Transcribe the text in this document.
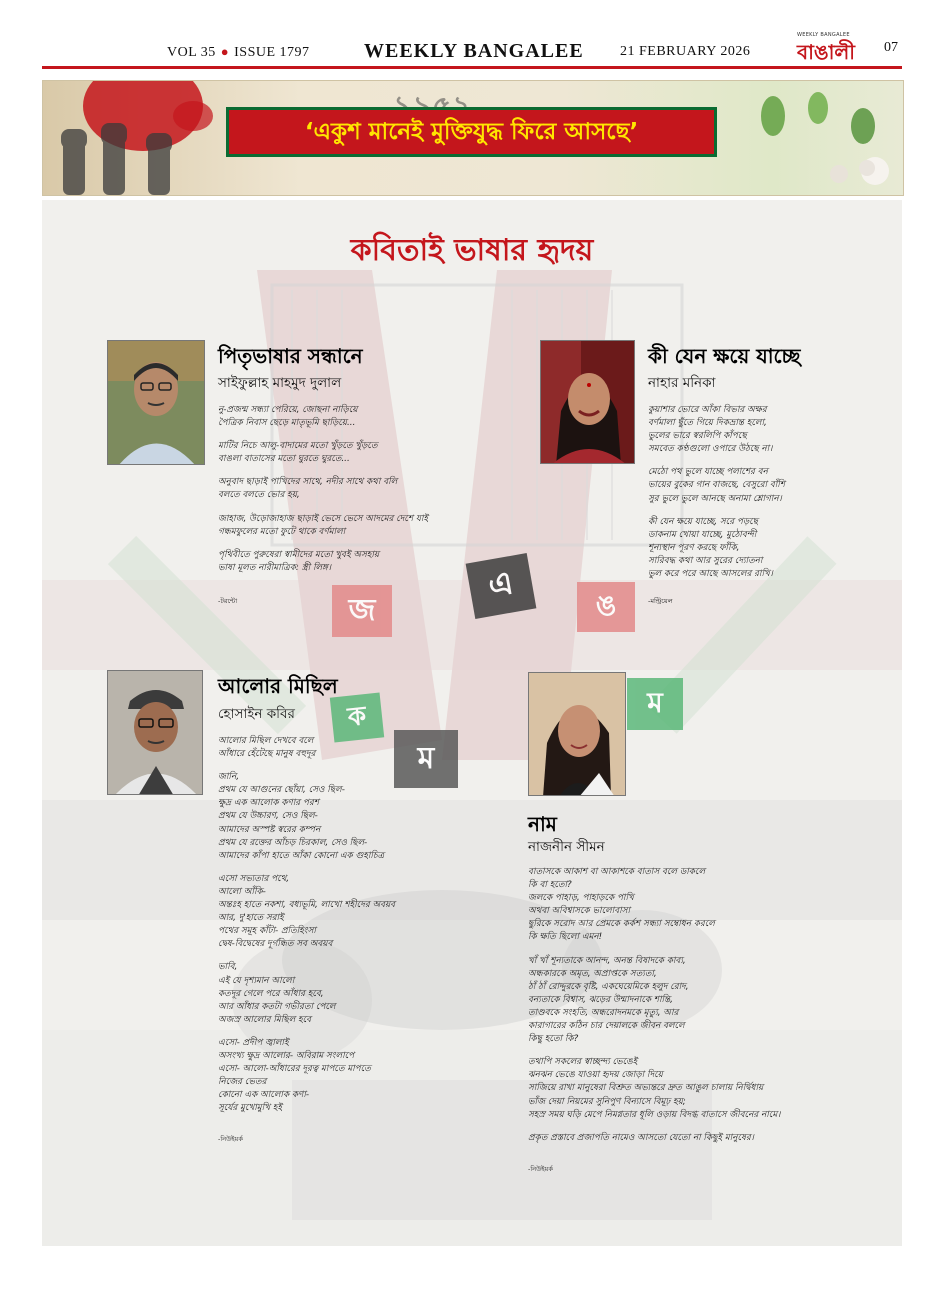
VOL 35 ● ISSUE 1797	WEEKLY BANGALEE	21 FEBRUARY 2026
WEEKLY BANGALEE
বাঙালী	07
‘একুশ মানেই মুক্তিযুদ্ধ ফিরে আসছে’
জ
এ
ঙ
ক
ম
ম
কবিতাই ভাষার হৃদয়
পিতৃভাষার সন্ধানে
সাইফুল্লাহ মাহমুদ দুলাল
নু-প্রজন্ম সন্ধ্যা পেরিয়ে, জোছনা নাড়িয়ে
পৈত্রিক নিবাস ছেড়ে মাতৃভূমি ছাড়িয়ে...
মাটির নিচে আলু-বাদামের মতো খুঁড়তে খুঁড়তে
বাঙলা বাতাসের মতো ঘুরতে ঘুরতে...
অনুবাদ ছাড়াই পাখিদের সাথে, নদীর সাথে কথা বলি
বলতে বলতে ভোর হয়,
জাহাজ, উড়োজাহাজ ছাড়াই ভেসে ভেসে আদমের দেশে যাই
গন্ধমফুলের মতো ফুটে থাকে বর্ণমালা
পৃথিবীতে পুরুষেরা স্বামীদের মতো খুবই অসহায়
ভাষা মূলত নারীমাত্রিক: স্ত্রী লিঙ্গ।
-টরন্টো
কী যেন ক্ষয়ে যাচ্ছে
নাহার মনিকা
কুয়াশার ভোরে আঁকা বিভার অক্ষর
বর্ণমালা ছুঁতে গিয়ে দিকভ্রান্ত হলো,
ভুলের ভারে স্বরলিপি কাঁপছে
সমবেত কণ্ঠগুলো ওপারে উঠছে না।
মেঠো পথ ভুলে যাচ্ছে পলাশের বন
ভায়ের বুকের গান বাজছে, বেসুরো বাঁশি
সুর ভুলে ভুলে আনছে অনামা শ্লোগান।
কী যেন ক্ষয়ে যাচ্ছে, সরে পড়ছে
ডাকনাম খোয়া যাচ্ছে, মুঠোবন্দী
শূন্যস্থান পূরণ করছে ফাঁকি,
সারিবদ্ধ কথা আর সুরের দ্যোতনা
ভুল করে পরে আছে আসলের রাখি।
-মন্ট্রিয়েল
আলোর মিছিল
হোসাইন কবির
আলোর মিছিল দেখবে বলে
আঁধারে হেঁটেছে মানুষ বহুদূর
জানি,
প্রথম যে আগুনের ছোঁয়া, সেও ছিল-
ক্ষুদ্র এক আলোক কণার পরশ
প্রথম যে উচ্চারণ, সেও ছিল-
আমাদের অস্পষ্ট স্বরের কম্পন
প্রথম যে রক্তের আঁচড় চিরকাল, সেও ছিল-
আমাদের কাঁপা হাতে আঁকা কোনো এক গুহাচিত্র
এসো সভ্যতার পথে,
আলো আঁকি-
অন্তঃহ হাতে নকশা, বধ্যভূমি, লাখো শহীদের অবয়ব
আর, দু'হাতে সরাই
পথের সমূহ কাঁটা- প্রতিহিংসা
দ্বেষ-বিদ্বেষের দূর্গন্ধিত সব অবয়ব
ভাবি,
এই যে দৃশ্যমান আলো
কতদূর গেলে পরে আঁধার হবে,
আর আঁধার কতটা গভীরতা পেলে
অজস্র আলোর মিছিল হবে
এসো- প্রদীপ জ্বালাই
অসংখ্য ক্ষুদ্র আলোর- অবিরাম সংলাপে
এসো- আলো-আঁধারের দূরত্ব মাপতে মাপতে
নিজের ভেতর
কোনো এক আলোক কণা-
সূর্যের মুখোমুখি হই
-নিউইয়র্ক
নাম
নাজনীন সীমন
বাতাসকে আকাশ বা আকাশকে বাতাস বলে ডাকলে
কি বা হতো?
জলকে পাহাড়, পাহাড়কে পাখি
অথবা অবিশ্বাসকে ভালোবাসা
ছুরিকে সরোদ আর প্রেমকে কর্কশ সন্ধ্যা সম্বোধন করলে
কি ক্ষতি ছিলো এমন!
খাঁ খাঁ শূন্যতাকে আনন্দ, অনন্ত বিষাদকে কাব্য,
অন্ধকারকে অমৃত, অপ্রাপ্তকে সত্যতা,
ঠাঁ ঠাঁ রোদ্দুরকে বৃষ্টি, একঘেয়েমিকে হলুদ রোদ,
বন্যতাকে বিশ্বাস, ঝড়ের উন্মাদনাকে শান্তি,
তাণ্ডবকে সংহতি, অন্ধরোদনমকে মৃত্যু, আর
কারাগারের কঠিন চার দেয়ালকে জীবন বললে
কিছু হতো কি?
তথাপি সকলের স্বাচ্ছন্দ্য ভেঙেই
ঝনঝন ভেঙে যাওয়া হৃদয় জোড়া দিয়ে
সাজিয়ে রাখা মানুষেরা বিশ্রুত অভ্যন্তরে দ্রুত আঙুল চালায় নির্দ্বিধায়
ভাঁজ দেয়া নিয়মের সুনিপুণ বিন্যাসে বিমূঢ় হয়;
সহস্র সময় ঘড়ি মেপে নিমগ্নতার ধূলি ওড়ায় বিদগ্ধ বাতাসে জীবনের নামে।
প্রকৃত প্রস্তাবে প্রজাপতি নামেও আসতো যেতো না কিছুই মানুষের।
-নিউইয়র্ক
